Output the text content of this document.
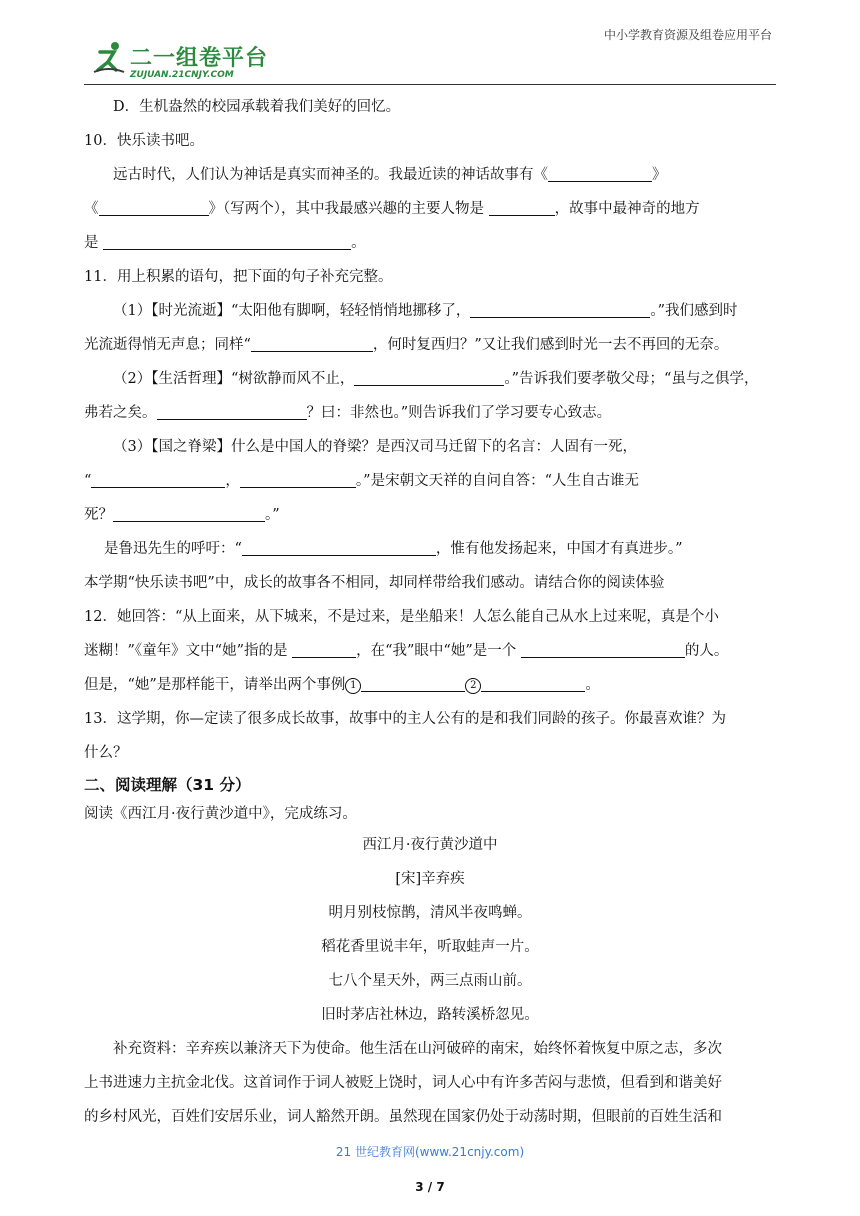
中小学教育资源及组卷应用平台
二一组卷平台
ZUJUAN.21CNJY.COM
D．生机盎然的校园承载着我们美好的回忆。
10．快乐读书吧。
远古时代，人们认为神话是真实而神圣的。我最近读的神话故事有《	》
《	》（写两个），其中我最感兴趣的主要人物是	，故事中最神奇的地方
是	。
11．用上积累的语句，把下面的句子补充完整。
（1）【时光流逝】“太阳他有脚啊，轻轻悄悄地挪移了，	。”我们感到时
光流逝得悄无声息；同样“	，何时复西归？”又让我们感到时光一去不再回的无奈。
（2）【生活哲理】“树欲静而风不止，	。”告诉我们要孝敬父母；“虽与之俱学，
弗若之矣。	？曰：非然也。”则告诉我们了学习要专心致志。
（3）【国之脊梁】什么是中国人的脊梁？是西汉司马迁留下的名言：人固有一死，
“	，	。”是宋朝文天祥的自问自答：“人生自古谁无
死？	。”
是鲁迅先生的呼吁：“	，惟有他发扬起来，中国才有真进步。”
本学期“快乐读书吧”中，成长的故事各不相同，却同样带给我们感动。请结合你的阅读体验
12．她回答：“从上面来，从下城来，不是过来，是坐船来！人怎么能自己从水上过来呢，真是个小
迷糊！”《童年》文中“她”指的是	，在“我”眼中“她”是一个	的人。
但是，“她”是那样能干，请举出两个事例 1	2	。
13．这学期，你—定读了很多成长故事，故事中的主人公有的是和我们同龄的孩子。你最喜欢谁？为
什么？
二、阅读理解（31 分）
阅读《西江月·夜行黄沙道中》，完成练习。
西江月·夜行黄沙道中
[宋]辛弃疾
明月别枝惊鹊，清风半夜鸣蝉。
稻花香里说丰年，听取蛙声一片。
七八个星天外，两三点雨山前。
旧时茅店社林边，路转溪桥忽见。
补充资料：辛弃疾以兼济天下为使命。他生活在山河破碎的南宋，始终怀着恢复中原之志，多次
上书进速力主抗金北伐。这首词作于词人被贬上饶时，词人心中有许多苦闷与悲愤，但看到和谐美好
的乡村风光，百姓们安居乐业，词人豁然开朗。虽然现在国家仍处于动荡时期，但眼前的百姓生活和
21 世纪教育网(www.21cnjy.com)
3 / 7
